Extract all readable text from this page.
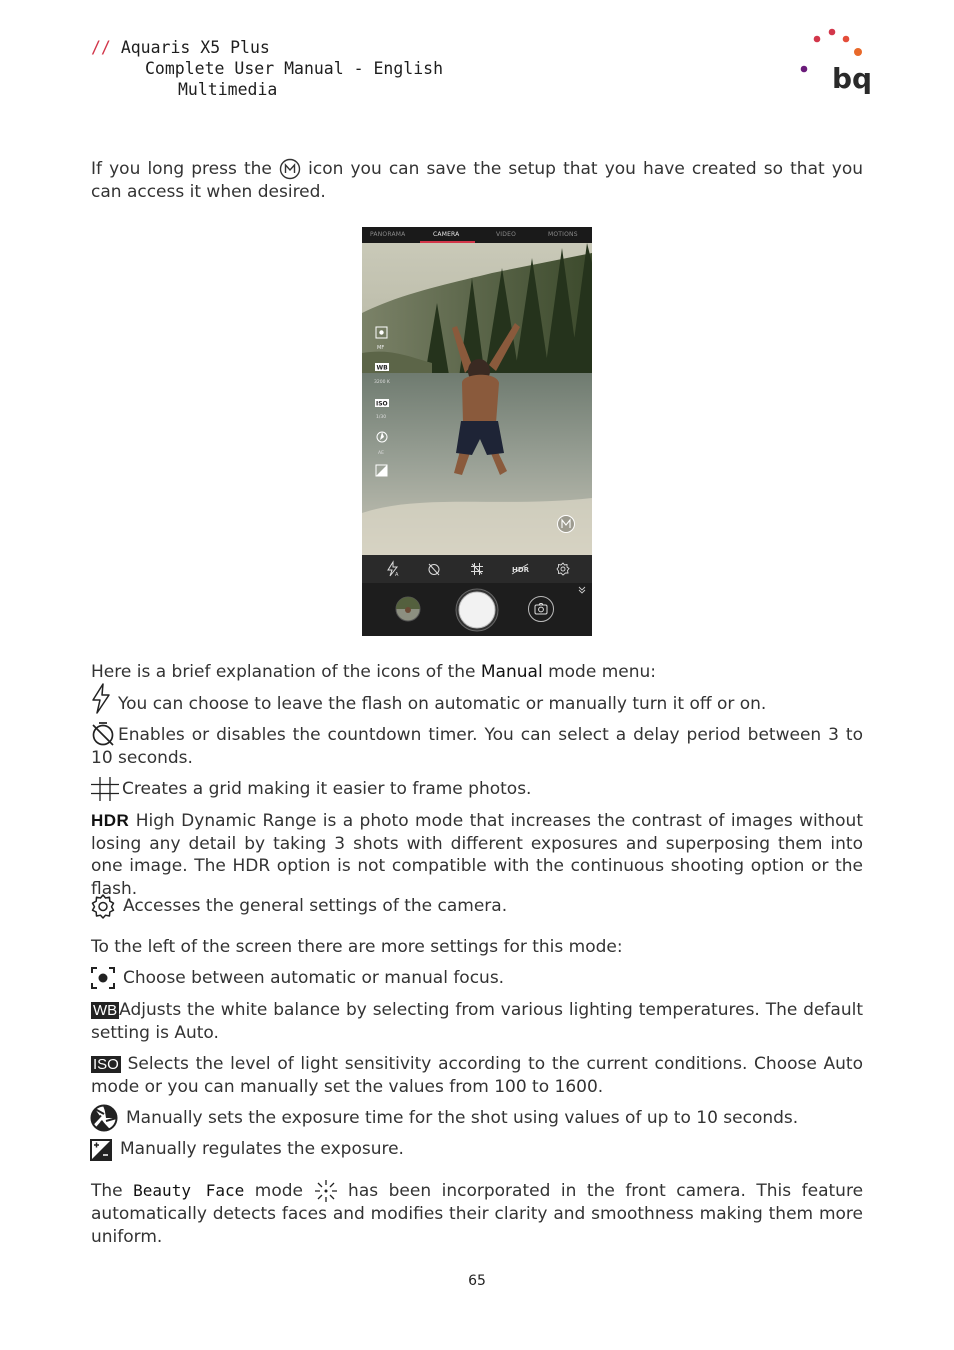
// Aquaris X5 Plus
Complete User Manual - English
Multimedia	bq
If you long press the icon you can save the setup that you have created so that you can access it when desired.
PANORAMA	CAMERA	VIDEO	MOTIONS
MF
WB
3200 K
ISO
1/30
AE
A
HDR
Here is a brief explanation of the icons of the Manual mode menu:
You can choose to leave the flash on automatic or manually turn it off or on.
Enables or disables the countdown timer. You can select a delay period between 3 to 10 seconds.
Creates a grid making it easier to frame photos.
HDR High Dynamic Range is a photo mode that increases the contrast of images without losing any detail by taking 3 shots with different exposures and superposing them into one image. The HDR option is not compatible with the continuous shooting option or the flash.
Accesses the general settings of the camera.
To the left of the screen there are more settings for this mode:
Choose between automatic or manual focus.
WB Adjusts the white balance by selecting from various lighting temperatures. The default setting is Auto.
ISO Selects the level of light sensitivity according to the current conditions. Choose Auto mode or you can manually set the values from 100 to 1600.
Manually sets the exposure time for the shot using values of up to 10 seconds.
Manually regulates the exposure.
The Beauty Face mode	has been incorporated in the front camera. This feature automatically detects faces and modifies their clarity and smoothness making them more uniform.
65
